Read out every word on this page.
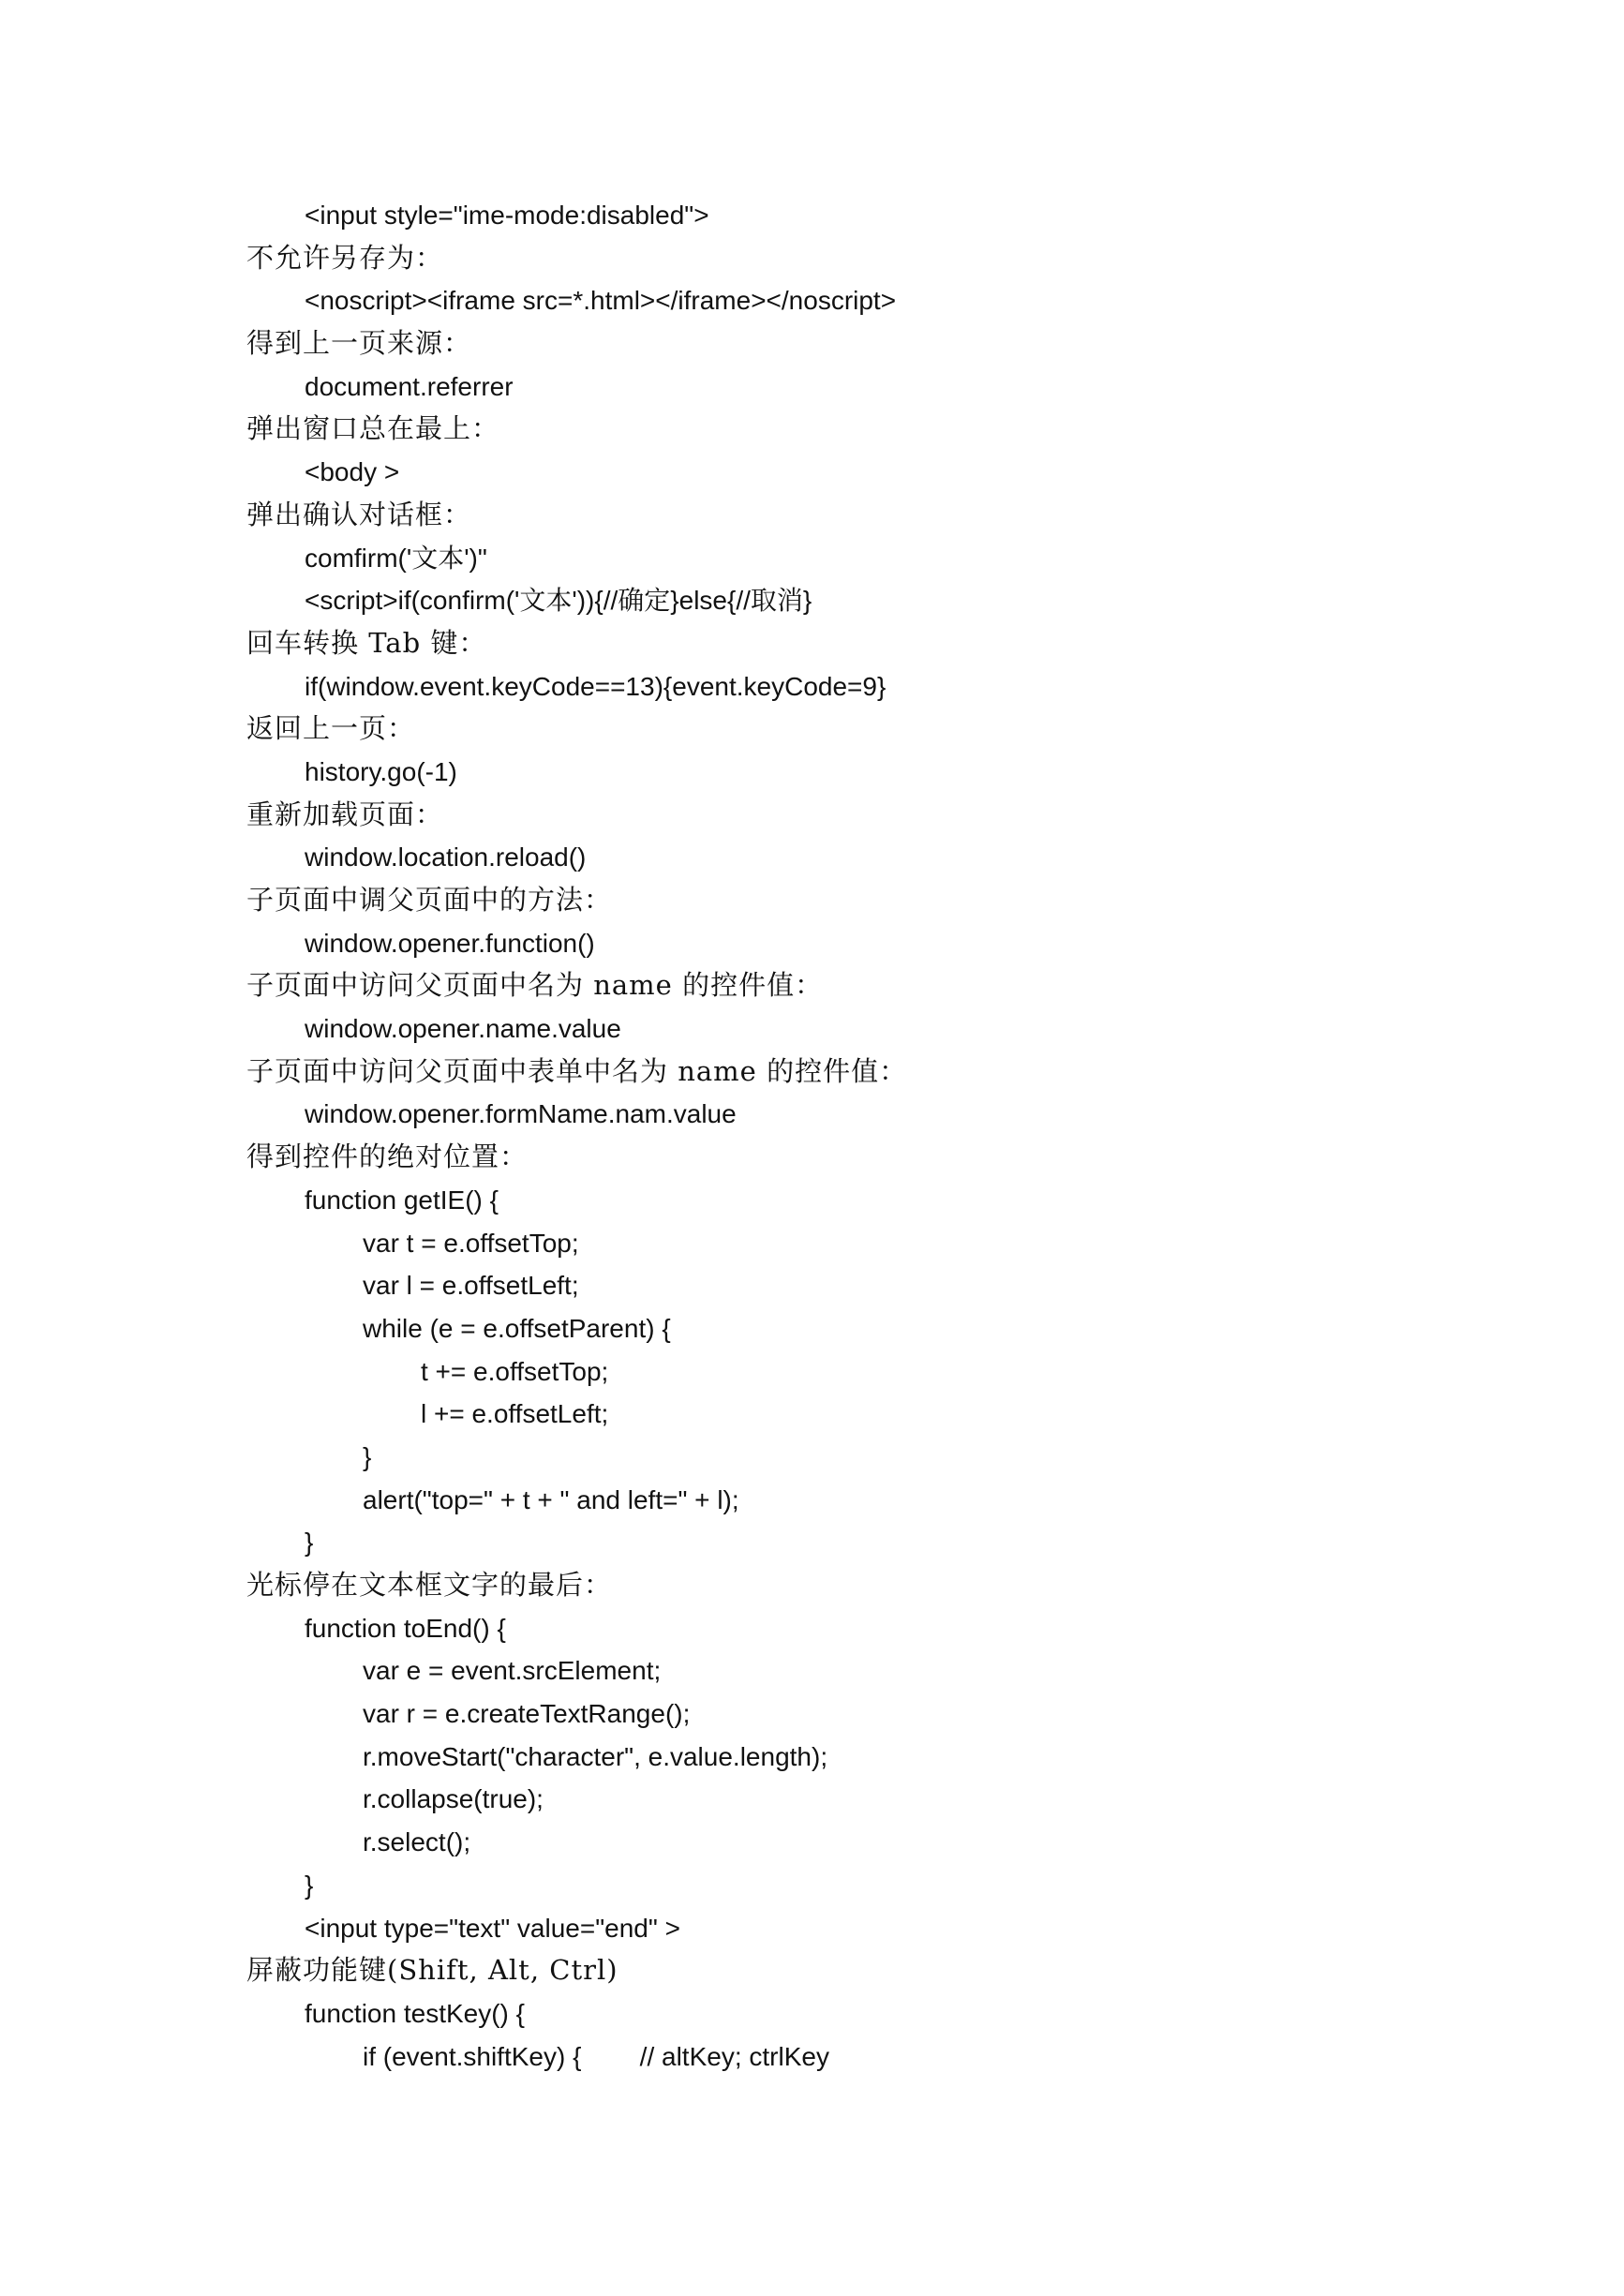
<input style="ime-mode:disabled">
不允许另存为：
<noscript><iframe src=*.html></iframe></noscript>
得到上一页来源：
document.referrer
弹出窗口总在最上：
<body >
弹出确认对话框：
comfirm('文本')"
<script>if(confirm('文本')){//确定}else{//取消}
回车转换 Tab 键：
if(window.event.keyCode==13){event.keyCode=9}
返回上一页：
history.go(-1)
重新加载页面：
window.location.reload()
子页面中调父页面中的方法：
window.opener.function()
子页面中访问父页面中名为 name 的控件值：
window.opener.name.value
子页面中访问父页面中表单中名为 name 的控件值：
window.opener.formName.nam.value
得到控件的绝对位置：
function getIE() {
var t = e.offsetTop;
var l = e.offsetLeft;
while (e = e.offsetParent) {
t += e.offsetTop;
l += e.offsetLeft;
}
alert("top=" + t + " and left=" + l);
}
光标停在文本框文字的最后：
function toEnd() {
var e = event.srcElement;
var r = e.createTextRange();
r.moveStart("character", e.value.length);
r.collapse(true);
r.select();
}
<input type="text" value="end" >
屏蔽功能键(Shift, Alt, Ctrl)
function testKey() {
if (event.shiftKey) {        // altKey; ctrlKey
